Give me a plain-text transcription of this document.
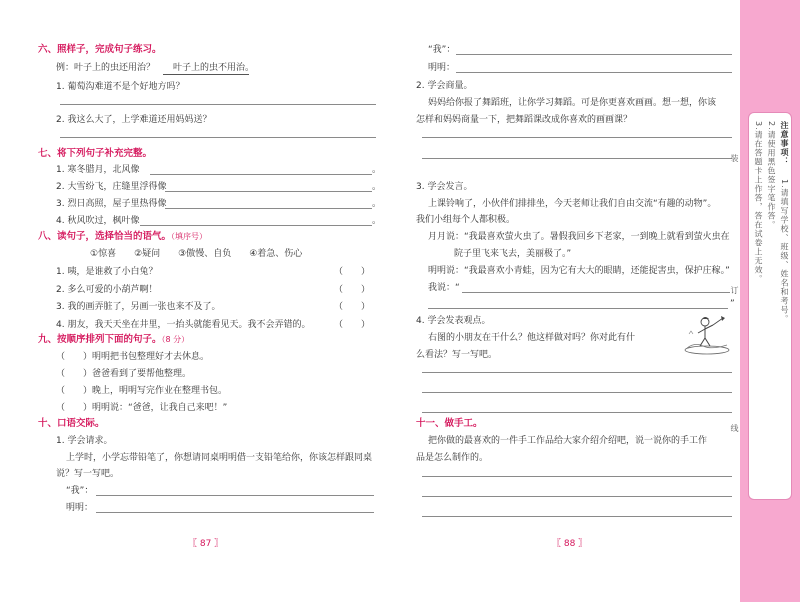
六、照样子，完成句子练习。
例：叶子上的虫还用治？　　叶子上的虫不用治。
1. 葡萄沟难道不是个好地方吗？
2. 我这么大了，上学难道还用妈妈送？
七、将下列句子补充完整。
1. 寒冬腊月，北风像	。
2. 大雪纷飞，庄缝里浮得像	。
3. 烈日高照，屋子里热得像	。
4. 秋风吹过，枫叶像	。
八、读句子，选择恰当的语气。（填序号）
①惊喜　　②疑问　　③傲慢、自负　　④着急、伤心
1. 咦，是谁救了小白兔？	（　　）
2. 多么可爱的小葫芦啊！	（　　）
3. 我的画弄脏了，另画一张也来不及了。	（　　）
4. 朋友，我天天坐在井里，一抬头就能看见天。我不会弄错的。	（　　）
九、按顺序排列下面的句子。（8 分）
（　　）明明把书包整理好才去休息。
（　　）爸爸看到了要帮他整理。
（　　）晚上，明明写完作业在整理书包。
（　　）明明说：“爸爸，让我自己来吧！”
十、口语交际。
1. 学会请求。
上学时，小学忘带铅笔了，你想请同桌明明借一支铅笔给你，你该怎样跟同桌
说？写一写吧。
“我”：
明明：
〖 87 〗
“我”：
明明：
2. 学会商量。
妈妈给你报了舞蹈班，让你学习舞蹈。可是你更喜欢画画。想一想，你该
怎样和妈妈商量一下，把舞蹈课改成你喜欢的画画课？
3. 学会发言。
上课铃响了，小伙伴们排排坐，今天老师让我们自由交流“有趣的动物”。
我们小组每个人都积极。
月月说：“我最喜欢萤火虫了。暑假我回乡下老家，一到晚上就看到萤火虫在
院子里飞来飞去，美丽极了。”
明明说：“我最喜欢小青蛙，因为它有大大的眼睛，还能捉害虫，保护庄稼。”
我说：“
”
4. 学会发表观点。
右图的小朋友在干什么？他这样做对吗？你对此有什
么看法？写一写吧。
十一、做手工。
把你做的最喜欢的一件手工作品给大家介绍介绍吧，说一说你的手工作
品是怎么制作的。
〖 88 〗
装
订
线
注意事项：
1.请填写学校、班级、姓名和考号。
2.请使用黑色签字笔作答。
3.请在答题卡上作答，答在试卷上无效。
